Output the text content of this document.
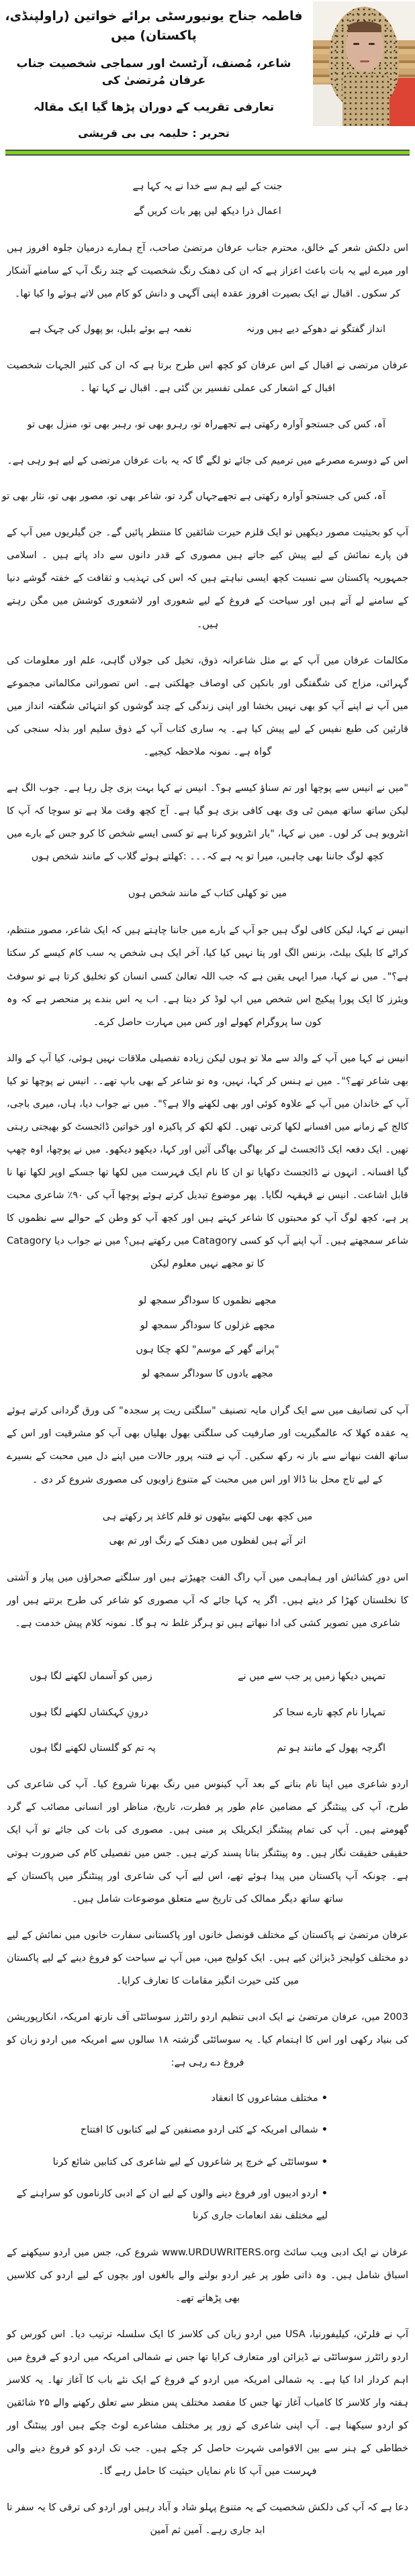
فاطمہ جناح یونیورسٹی برائے خواتین (راولپنڈی، پاکستان) میں
شاعر، مُصنف، آرٹسٹ اور سماجی شخصیت جناب عرفان مُرتضیٰ کی
تعارفی تقریب کے دوران پڑھا گیا ایک مقالہ
تحریر : حلیمہ بی بی قریشی
جنت کے لیے ہم سے خدا نے یہ کہا ہے
اعمال ذرا دیکھ لیں پھر بات کریں گے

اس دلکش شعر کے خالق، محترم جناب عرفان مرتضیٰ صاحب، آج ہمارے درمیان جلوہ افروز ہیں اور میرے لیے یہ بات باعث اعزاز ہے کہ ان کی دھنک رنگ شخصیت کے چند رنگ آپ کے سامنے آشکار کر سکوں۔ اقبال نے ایک بصیرت افروز عقدہ اپنی آگہی و دانش کو کام میں لاتے ہوئے وا کیا تھا۔

انداز گفتگو نے دھوکے دیے ہیں ورنہ
نغمہ ہے بوئے بلبل، بو پھول کی چہک ہے

عرفان مرتضی نے اقبال کے اس عرفان کو کچھ اس طرح برتا ہے کہ ان کی کثیر الجہات شخصیت اقبال کے اشعار کی عملی تفسیر بن گئی ہے۔ اقبال نے کہا تھا ۔

آہ، کس کی جستجو آوارہ رکھتی ہے تجھے
راہ تو، رہرو بھی تو، رہبر بھی تو، منزل بھی تو

اس کے دوسرے مصرعے میں ترمیم کی جائے تو لگے گا کہ یہ بات عرفان مرتضی کے لیے ہو رہی ہے۔

آہ، کس کی جستجو آوارہ رکھتی ہے تجھے
جہاں گرد تو، شاعر بھی تو، مصور بھی تو، نثار بھی تو

آپ کو بحیثیت مصور دیکھیں تو ایک قلزم حیرت شائقین کا منتظر پائیں گے۔ جن گیلریوں میں آپ کے فن پارے نمائش کے لیے پیش کیے جاتے ہیں مصوری کے قدر دانوں سے داد پاتے ہیں ۔ اسلامی جمہوریہ پاکستان سے نسبت کچھ ایسی نباہتے ہیں کہ اس کی تہذیب و ثقافت کے خفتہ گوشے دنیا کے سامنے لے آتے ہیں اور سیاحت کے فروغ کے لیے شعوری اور لاشعوری کوشش میں مگن رہتے ہیں۔

مکالمات عرفان میں آپ کے بے مثل شاعرانہ ذوق، تخیل کی جولاں گاہی، علم اور معلومات کی گہرائی، مزاج کی شگفتگی اور بانکپن کی اوصاف جھلکتی ہے۔ اس تصوراتی مکالماتی مجموعے میں آپ نے اپنے آپ کو بھی نہیں بخشا اور اپنی زندگی کے چند گوشوں کو انتہائی شگفتہ انداز میں قارئین کی طبع نفیس کے لیے پیش کیا ہے۔ یہ ساری کتاب آپ کے ذوق سلیم اور بذلہ سنجی کی گواہ ہے۔ نمونہ ملاحظہ کیجیے۔

"میں نے انیس سے پوچھا اور تم سناؤ کیسے ہو؟۔ انیس نے کہا بہت بزی چل رہا ہے۔ جوب الگ ہے لیکن ساتھ ساتھ میمن ٹی وی بھی کافی بزی ہو گیا ہے۔ آج کچھ وقت ملا ہے تو سوچا کہ آپ کا انٹرویو ہی کر لوں۔ میں نے کہا، "یار انٹرویو کرنا ہے تو کسی ایسے شخص کا کرو جس کے بارے میں کچھ لوگ جاننا بھی چاہیں، میرا تو یہ ہے کہ۔۔۔ :کھلتے ہوئے گلاب کے مانند شخص ہوں

میں تو کھلی کتاب کے مانند شخص ہوں

انیس نے کہا، لیکن کافی لوگ ہیں جو آپ کے بارے میں جاننا چاہتے ہیں کہ ایک شاعر، مصور منتظم، کراٹے کا بلیک بیلٹ، بزنس الگ اور پتا نہیں کیا کیا، آخر ایک ہی شخص یہ سب کام کیسے کر سکتا ہے؟"۔ میں نے کہا، میرا ایہی یقین ہے کہ جب اللہ تعالیٰ کسی انسان کو تخلیق کرتا ہے تو سوفٹ ویئرز کا ایک پورا پیکیج اس شخص میں اپ لوڈ کر دیتا ہے۔ اب یہ اس بندے پر منحصر ہے کہ وہ کون سا پروگرام کھولے اور کس میں مہارت حاصل کرے۔

انیس نے کہا میں آپ کے والد سے ملا تو ہوں لیکن زیادہ تفصیلی ملاقات نہیں ہوئی، کیا آپ کے والد بھی شاعر تھے؟"۔ میں نے ہنس کر کہا، نہیں، وہ تو شاعر کے بھی باپ تھے۔۔ انیس نے پوچھا تو کیا آپ کے خاندان میں آپ کے علاوہ کوئی اور بھی لکھنے والا ہے؟"۔ میں نے جواب دیا، ہاں، میری باجی، کالج کے زمانے میں افسانے لکھا کرتی تھیں۔ لکھ لکھ کر پاکیزہ اور خواتین ڈائجسٹ کو بھیجتی رہتی تھیں۔ ایک دفعہ ایک ڈائجسٹ لے کر بھاگی بھاگی آئیں اور کہا، دیکھو دیکھو۔ میں نے پوچھا، اوہ چھپ گیا افسانہ۔ انہوں نے ڈائجسٹ دکھایا تو ان کا نام ایک فہرست میں لکھا تھا جسکے اوپر لکھا تھا نا قابل اشاعت۔ انیس نے قہقہہ لگایا۔ پھر موضوع تبدیل کرتے ہوئے پوچھا آپ کی ۹۰٪ شاعری محبت پر ہے، کچھ لوگ آپ کو محبتوں کا شاعر کہتے ہیں اور کچھ آپ کو وطن کے حوالے سے نظموں کا شاعر سمجھتے ہیں۔ آپ اپنے آپ کو کسی Catagory میں رکھتے ہیں؟ میں نے جواب دیا Catagory کا تو مجھے نہیں معلوم لیکن

مجھے نظموں کا سوداگر سمجھ لو
مجھے غزلوں کا سوداگر سمجھ لو
"پرانے گھر کے موسم" لکھ چکا ہوں
مجھے یادوں کا سوداگر سمجھ لو

آپ کی تصانیف میں سے ایک گراں مایہ تصنیف "سلگتی ریت پر سجدہ" کی ورق گردانی کرتے ہوئے یہ عقدہ کھلا کہ عالمگیریت اور صارفیت کی سلگتی بھول بھلیاں بھی آپ کو مشرقیت اور اس کے ساتھ الفت نبھانے سے باز نہ رکھ سکیں۔ آپ نے فتنہ پرور حالات میں اپنے دل میں محبت کے بسیرے کے لیے تاج محل بنا ڈالا اور اس میں محبت کے متنوع زاویوں کی مصوری شروع کر دی ۔

میں کچھ بھی لکھنے بیٹھوں تو قلم کاغذ پر رکھتے ہی
اتر آتے ہیں لفظوں میں دھنک کے رنگ اور تم بھی

اس دورِ کشائش اور ہماہمی میں آپ راگ الفت چھیڑتے ہیں اور سلگتے صحراؤں میں پیار و آشتی کا نخلستان کھڑا کر دیتے ہیں۔ اگر یہ کہا جائے کہ آپ مصوری کو شاعر کی طرح برتتے ہیں اور شاعری میں تصویر کشی کی ادا نبھاتے ہیں تو ہرگز غلط نہ ہو گا۔ نمونہ کلام پیش خدمت ہے۔

تمہیں دیکھا زمیں پر جب سے میں نے
زمیں کو آسماں لکھنے لگا ہوں
تمہارا نام کچھ تارے سجا کر
درونِ کہکشاں لکھنے لگا ہوں
اگرچہ پھول کے مانند ہو تم
پہ تم کو گلستاں لکھنے لگا ہوں

اردو شاعری میں اپنا نام بنانے کے بعد آپ کینوس میں رنگ بھرنا شروع کیا۔ آپ کی شاعری کی طرح، آپ کی پینٹنگز کے مضامین عام طور پر فطرت، تاریخ، مناظر اور انسانی مصائب کے گرد گھومتے ہیں۔ آپ کی تمام پینٹنگز ایکریلک پر مبنی ہیں۔ مصوری کی بات کی جائے تو آپ ایک حقیقی حقیقت نگار ہیں۔ وہ پینٹنگز بنانا پسند کرتے ہیں۔ جس میں تفصیلی کام کی ضرورت ہوتی ہے۔ چونکہ آپ پاکستان میں پیدا ہوئے تھے، اس لیے آپ کی شاعری اور پینٹنگز میں پاکستان کے ساتھ ساتھ دیگر ممالک کی تاریخ سے متعلق موضوعات شامل ہیں۔

عرفان مرتضیٰ نے پاکستان کے مختلف قونصل خانوں اور پاکستانی سفارت خانوں میں نمائش کے لیے دو مختلف کولیجز ڈیزائن کیے ہیں۔ ایک کولیج میں، میں آپ نے سیاحت کو فروغ دینے کے لیے پاکستان میں کئی حیرت انگیز مقامات کا تعارف کرایا۔

2003 میں، عرفان مرتضیٰ نے ایک ادبی تنظیم اردو رائٹرز سوسائٹی آف نارتھ امریکہ، انکارپوریشن کی بنیاد رکھی اور اس کا اہتمام کیا۔ یہ سوسائٹی گزشتہ ۱۸ سالوں سے امریکہ میں اردو زبان کو فروغ دے رہی ہے:

• مختلف مشاعروں کا انعقاد
• شمالی امریکہ کے کئی اردو مصنفین کے لیے کتابوں کا افتتاح
• سوسائٹی کے خرچ پر شاعروں کے لیے شاعری کی کتابیں شائع کرنا
• اردو ادیبوں اور فروغ دینے والوں کے لیے ان کے ادبی کارناموں کو سراہنے کے لیے مختلف نقد انعامات جاری کرنا

عرفان نے ایک ادبی ویب سائٹ www.URDUWRITERS.org شروع کی، جس میں اردو سیکھنے کے اسباق شامل ہیں۔ وہ ذاتی طور پر غیر اردو بولنے والے بالغوں اور بچوں کے لیے اردو کی کلاسیں بھی پڑھاتے تھے۔

آپ نے فلرٹن، کیلیفورنیا، USA میں اردو زبان کی کلاسز کا ایک سلسلہ ترتیب دیا۔ اس کورس کو اردو رائٹرز سوسائٹی نے ڈیزائن اور متعارف کرایا تھا جس نے شمالی امریکہ میں اردو کے فروغ میں اہم کردار ادا کیا ہے۔ یہ شمالی امریکہ میں اردو کے فروغ کے ایک نئے باب کا آغاز تھا۔ یہ کلاسز ہفتہ وار کلاسز کا کامیاب آغاز تھا جس کا مقصد مختلف پس منظر سے تعلق رکھنے والے ۲۵ شائقین کو اردو سیکھنا ہے۔ آپ اپنی شاعری کے زور پر مختلف مشاعرے لوٹ چکے ہیں اور پینٹنگ اور خطاطی کے ہنر سے بین الاقوامی شہرت حاصل کر چکے ہیں۔ جب تک اردو کو فروغ دینے والی فہرست میں آپ کا نام نمایاں حیثیت کا حامل رہے گا۔

دعا ہے کہ آپ کی دلکش شخصیت کے یہ متنوع پہلو شاد و آباد رہیں اور اردو کی ترقی کا یہ سفر تا ابد جاری رہے۔ آمین ثم آمین
